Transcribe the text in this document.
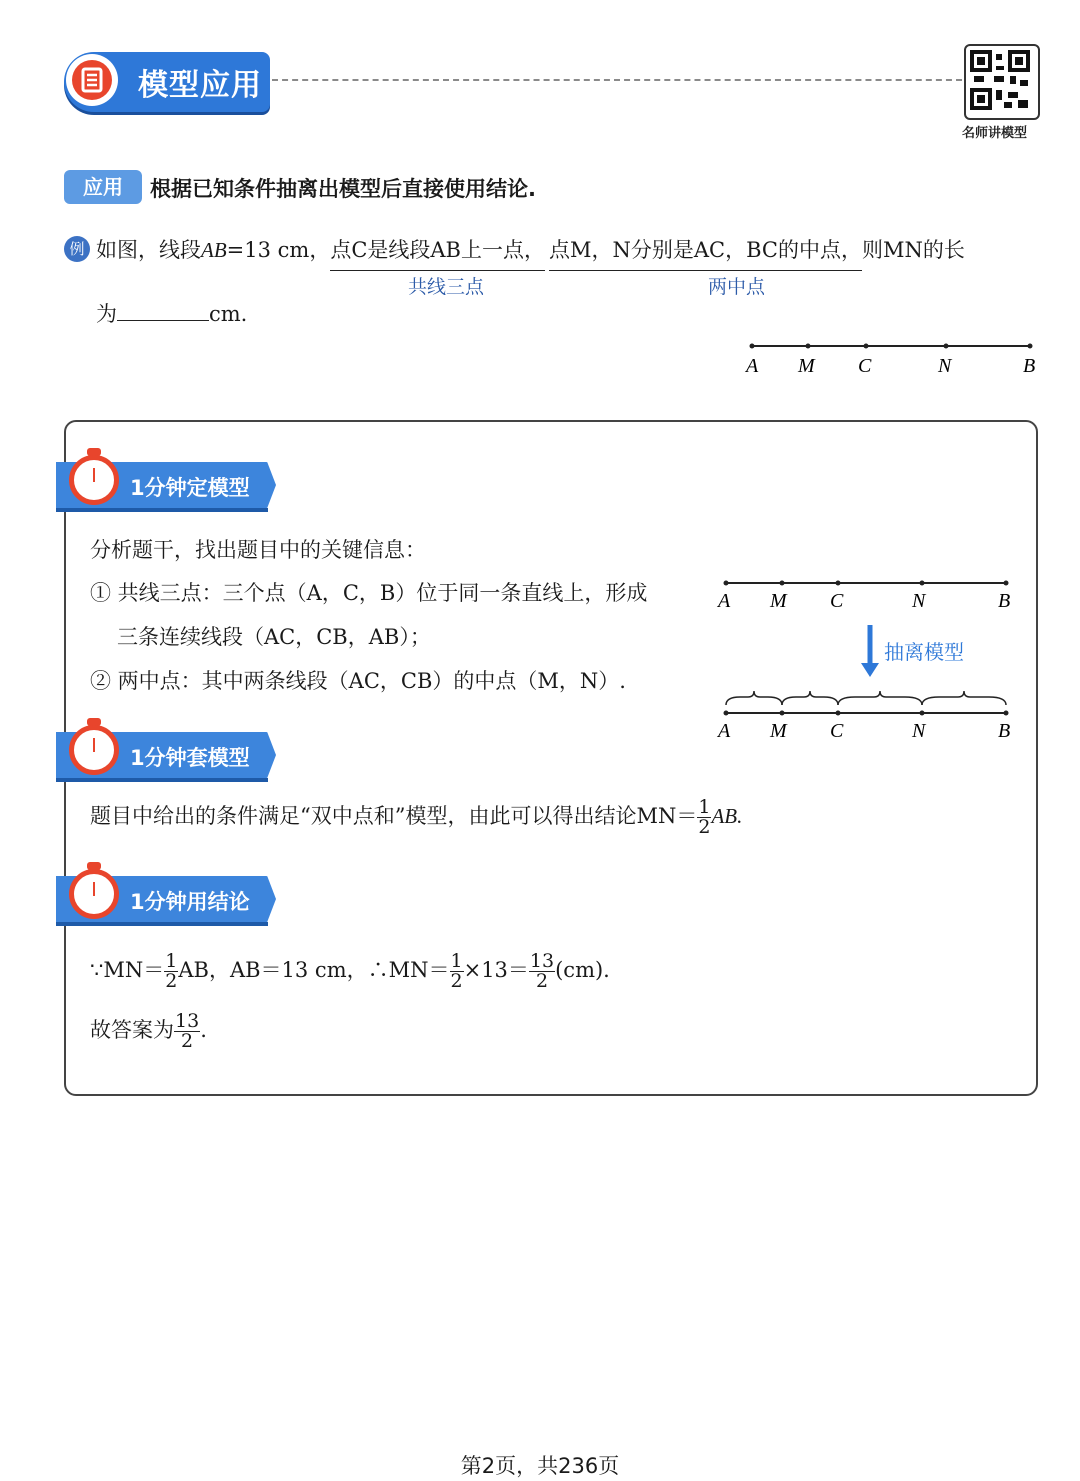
模型应用
名师讲模型
应用	根据已知条件抽离出模型后直接使用结论.
例 如图，线段AB=13 cm，点C是线段AB上一点， 点M，N分别是AC，BC的中点，则MN的长
共线三点	两中点
为	cm.
A M C	N	B
1分钟定模型
分析题干，找出题目中的关键信息：
① 共线三点：三个点（A，C，B）位于同一条直线上，形成
三条连续线段（AC，CB，AB）；
② 两中点：其中两条线段（AC，CB）的中点（M，N）.
A M C	N	B
A M C	N	B
抽离模型
1分钟套模型
题目中给出的条件满足“双中点和”模型，由此可以得出结论$MN= \frac{1}{2}$ AB.
1分钟用结论
∵MN＝ $\frac{1}{2}$ AB，AB＝13 cm，∴MN＝ $\frac{1}{2} \times 13= \frac{13}{2} (cm)$.
故答案为 $\frac{13}{2}$ .
第2页，共236页
